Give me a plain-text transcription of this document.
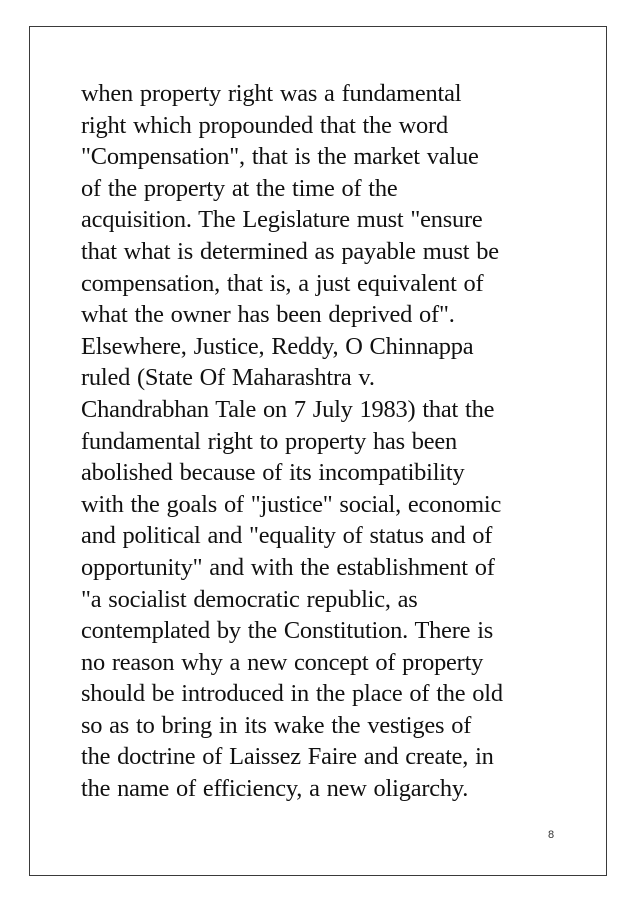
when property right was a fundamental
right which propounded that the word
"Compensation", that is the market value
of the property at the time of the
acquisition. The Legislature must "ensure
that what is determined as payable must be
compensation, that is, a just equivalent of
what the owner has been deprived of".
Elsewhere, Justice, Reddy, O Chinnappa
ruled (State Of Maharashtra v.
Chandrabhan Tale on 7 July 1983) that the
fundamental right to property has been
abolished because of its incompatibility
with the goals of "justice" social, economic
and political and "equality of status and of
opportunity" and with the establishment of
"a socialist democratic republic, as
contemplated by the Constitution. There is
no reason why a new concept of property
should be introduced in the place of the old
so as to bring in its wake the vestiges of
the doctrine of Laissez Faire and create, in
the name of efficiency, a new oligarchy.
8
